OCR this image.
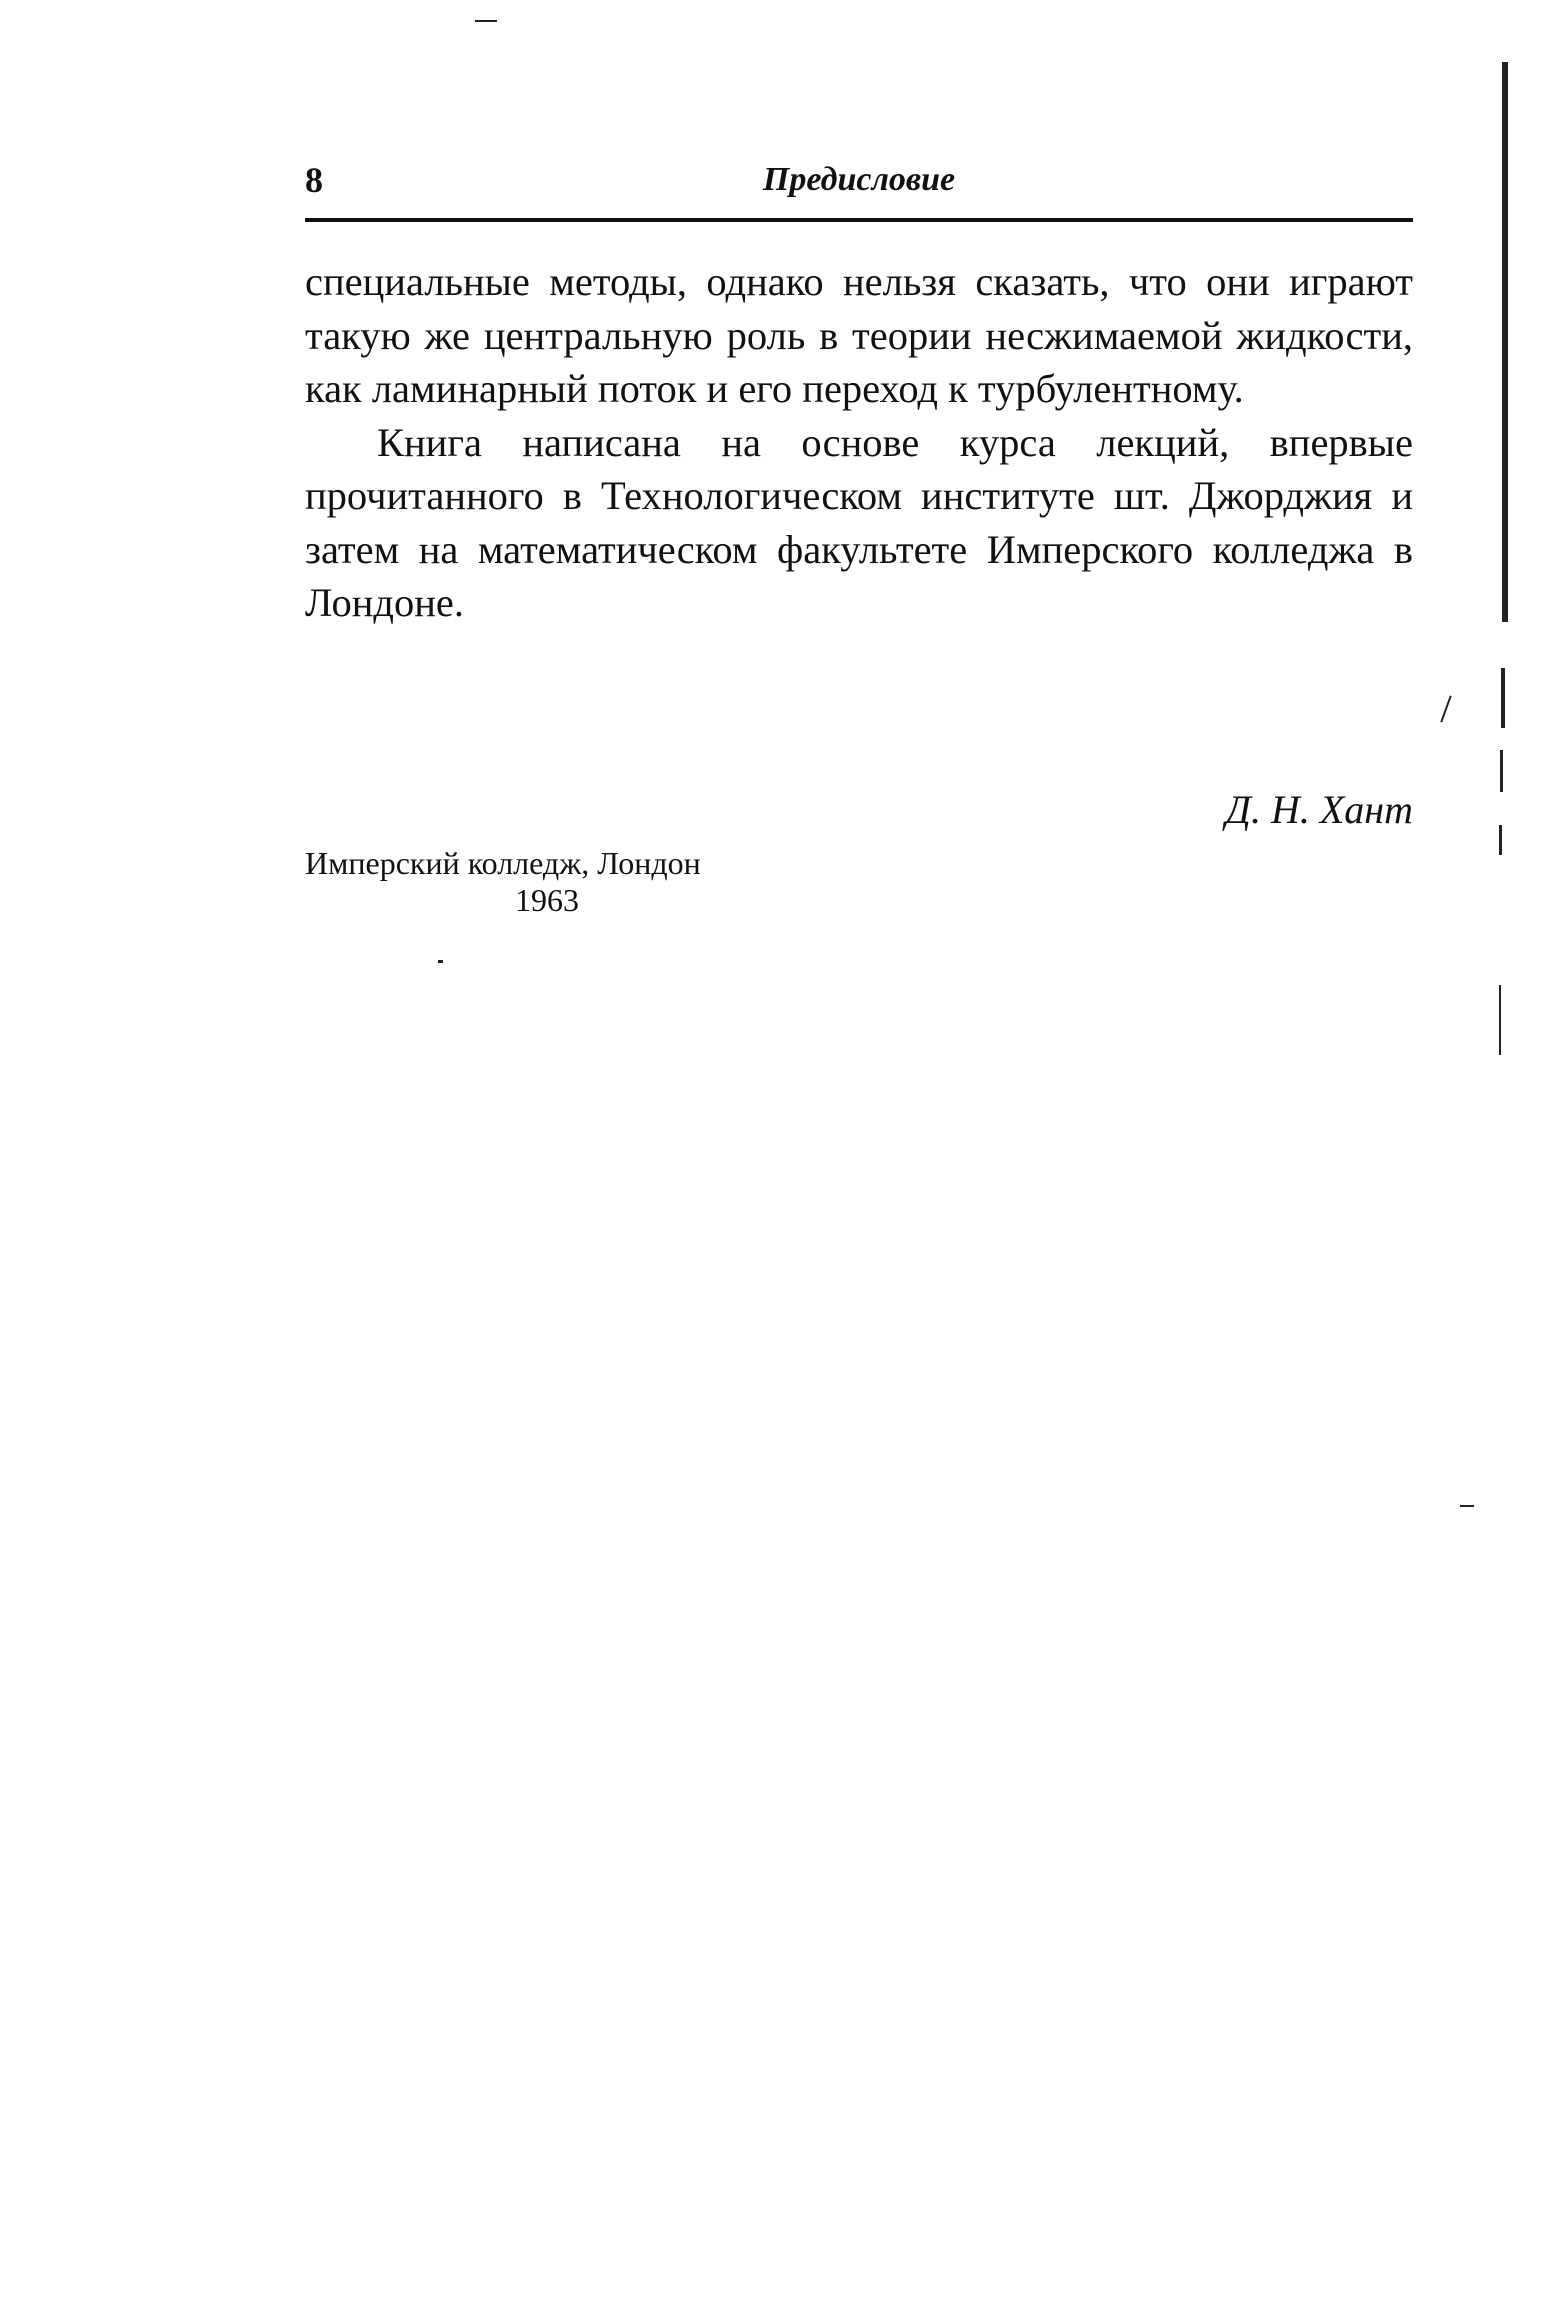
8	Предисловие

специальные методы, однако нельзя сказать, что они играют такую же центральную роль в теории несжимаемой жидкости, как ламинарный поток и его переход к турбулентному.

Книга написана на основе курса лекций, впервые прочитанного в Технологическом институте шт. Джорджия и затем на математическом факультете Имперского колледжа в Лондоне.

Д. Н. Хант
Имперский колледж, Лондон
1963
